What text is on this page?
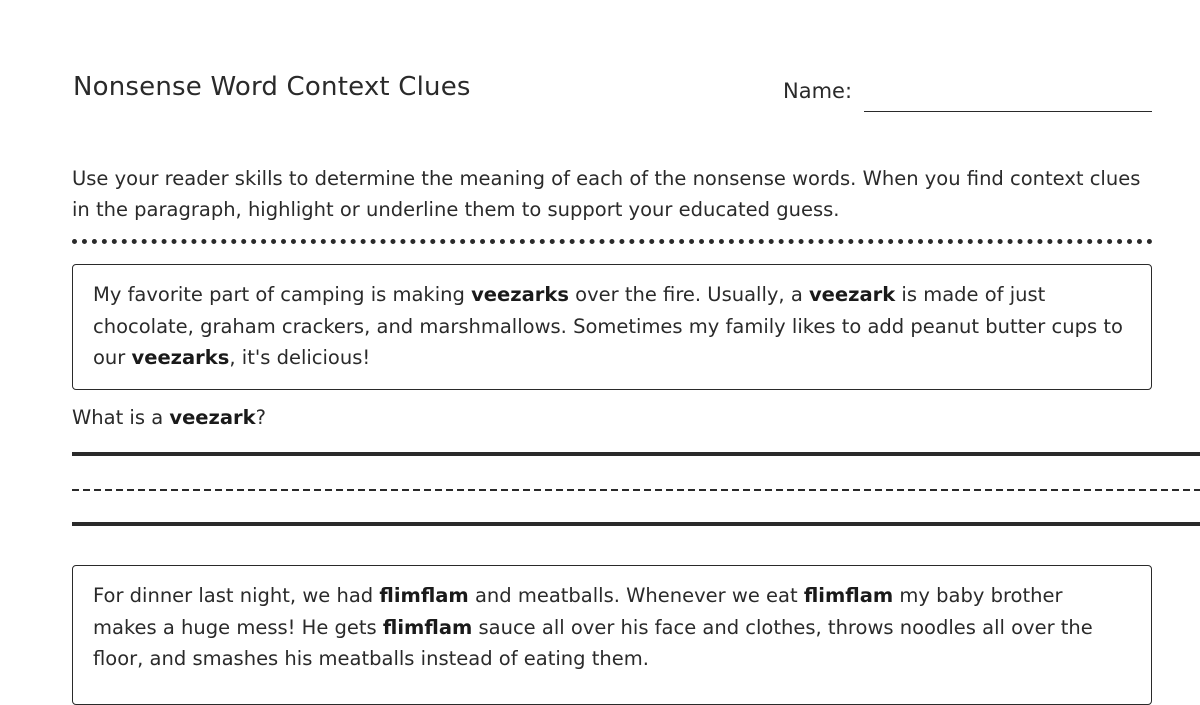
Nonsense Word Context Clues	Name:
Use your reader skills to determine the meaning of each of the nonsense words. When you find context clues in the paragraph, highlight or underline them to support your educated guess.
My favorite part of camping is making veezarks over the fire. Usually, a veezark is made of just chocolate, graham crackers, and marshmallows. Sometimes my family likes to add peanut butter cups to our veezarks, it's delicious!
What is a veezark?
For dinner last night, we had flimflam and meatballs. Whenever we eat flimflam my baby brother makes a huge mess! He gets flimflam sauce all over his face and clothes, throws noodles all over the floor, and smashes his meatballs instead of eating them.
